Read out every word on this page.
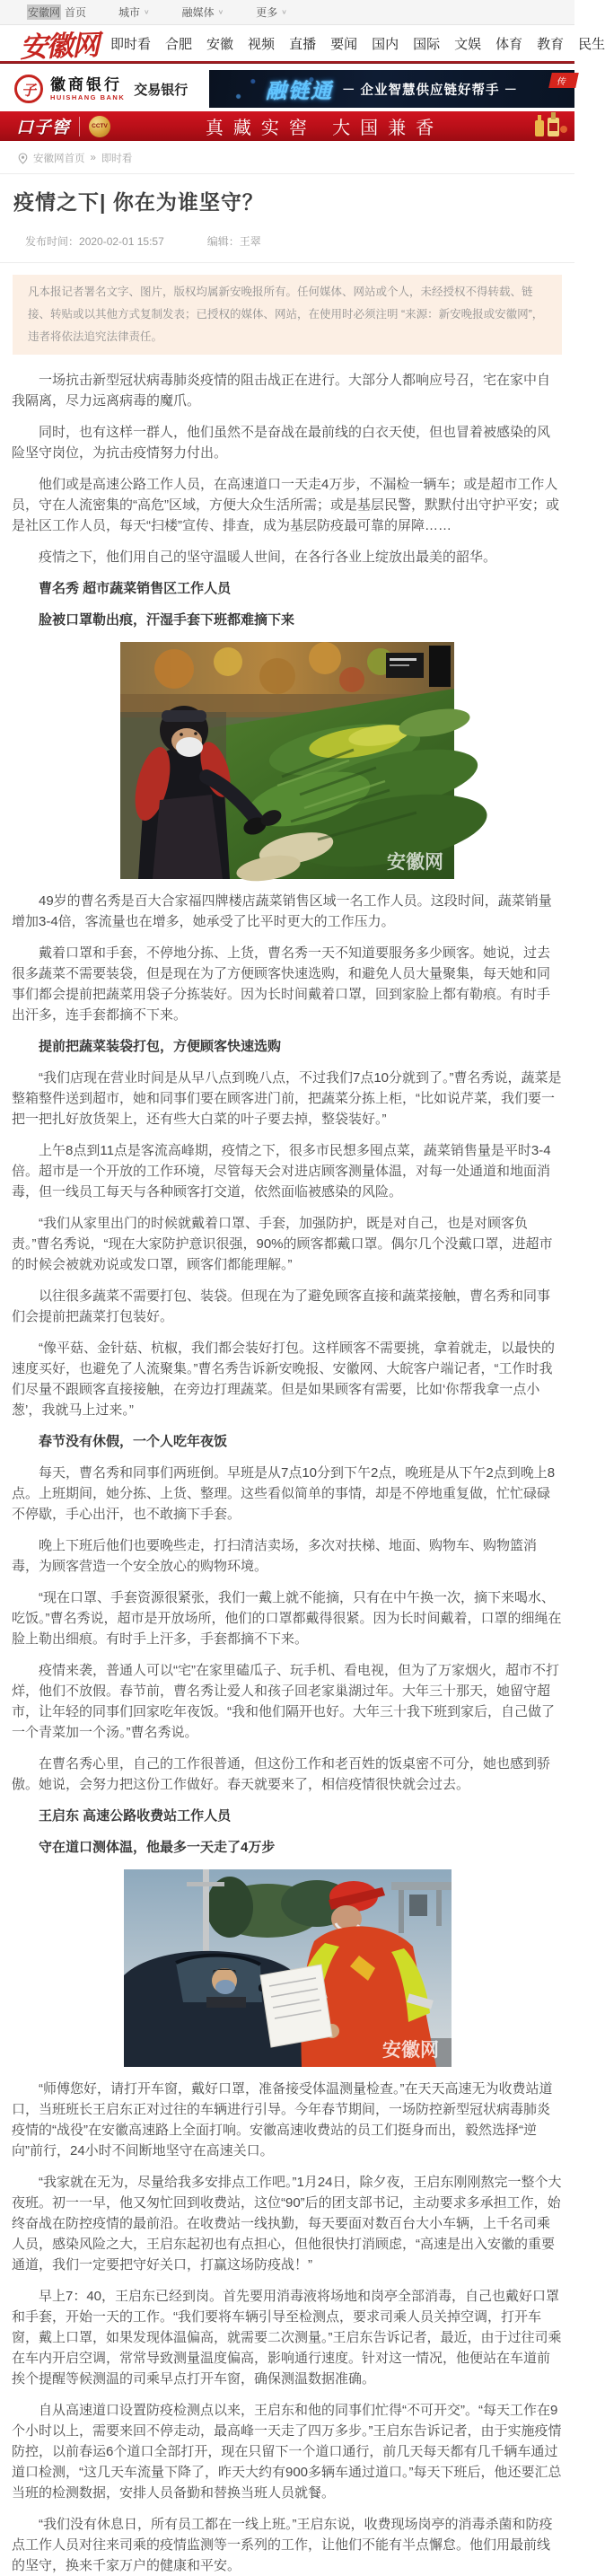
安徽网 首页	城市 ∨	融媒体 ∨	更多 ∨
安徽网 即时看 合肥 安徽 视频 直播 要闻 国内 国际 文娱 体育 教育 民生
子 徽商银行
HUISHANG BANK 交易银行	融链通 － 企业智慧供应链好帮手 －
传
口子窖	CCTV	真藏实窖 大国兼香
安徽网首页 » 即时看
疫情之下| 你在为谁坚守？
发布时间：2020-02-01 15:57	编辑：王翠
凡本报记者署名文字、图片，版权均属新安晚报所有。任何媒体、网站或个人，未经授权不得转载、链接、转贴或以其他方式复制发表；已授权的媒体、网站，在使用时必须注明 “来源：新安晚报或安徽网”，违者将依法追究法律责任。

一场抗击新型冠状病毒肺炎疫情的阻击战正在进行。大部分人都响应号召，宅在家中自我隔离，尽力远离病毒的魔爪。

同时，也有这样一群人，他们虽然不是奋战在最前线的白衣天使，但也冒着被感染的风险坚守岗位，为抗击疫情努力付出。

他们或是高速公路工作人员，在高速道口一天走4万步，不漏检一辆车；或是超市工作人员，守在人流密集的“高危”区域，方便大众生活所需；或是基层民警，默默付出守护平安；或是社区工作人员，每天“扫楼”宣传、排查，成为基层防疫最可靠的屏障……

疫情之下，他们用自己的坚守温暖人世间，在各行各业上绽放出最美的韶华。

曹名秀 超市蔬菜销售区工作人员

脸被口罩勒出痕，汗湿手套下班都难摘下来

安徽网

49岁的曹名秀是百大合家福四牌楼店蔬菜销售区域一名工作人员。这段时间，蔬菜销量增加3-4倍，客流量也在增多，她承受了比平时更大的工作压力。

戴着口罩和手套，不停地分拣、上货，曹名秀一天不知道要服务多少顾客。她说，过去很多蔬菜不需要装袋，但是现在为了方便顾客快速选购，和避免人员大量聚集，每天她和同事们都会提前把蔬菜用袋子分拣装好。因为长时间戴着口罩，回到家脸上都有勒痕。有时手出汗多，连手套都摘不下来。

提前把蔬菜装袋打包，方便顾客快速选购

“我们店现在营业时间是从早八点到晚八点，不过我们7点10分就到了。”曹名秀说，蔬菜是整箱整件送到超市，她和同事们要在顾客进门前，把蔬菜分拣上柜，“比如说芹菜，我们要一把一把扎好放货架上，还有些大白菜的叶子要去掉，整袋装好。”

上午8点到11点是客流高峰期，疫情之下，很多市民想多囤点菜，蔬菜销售量是平时3-4倍。超市是一个开放的工作环境，尽管每天会对进店顾客测量体温，对每一处通道和地面消毒，但一线员工每天与各种顾客打交道，依然面临被感染的风险。

“我们从家里出门的时候就戴着口罩、手套，加强防护，既是对自己，也是对顾客负责。”曹名秀说，“现在大家防护意识很强，90%的顾客都戴口罩。偶尔几个没戴口罩，进超市的时候会被就劝说或发口罩，顾客们都能理解。”

以往很多蔬菜不需要打包、装袋。但现在为了避免顾客直接和蔬菜接触，曹名秀和同事们会提前把蔬菜打包装好。

“像平菇、金针菇、杭椒，我们都会装好打包。这样顾客不需要挑，拿着就走，以最快的速度买好，也避免了人流聚集。”曹名秀告诉新安晚报、安徽网、大皖客户端记者，“工作时我们尽量不跟顾客直接接触，在旁边打理蔬菜。但是如果顾客有需要，比如‘你帮我拿一点小葱’，我就马上过来。”

春节没有休假，一个人吃年夜饭

每天，曹名秀和同事们两班倒。早班是从7点10分到下午2点，晚班是从下午2点到晚上8点。上班期间，她分拣、上货、整理。这些看似简单的事情，却是不停地重复做，忙忙碌碌不停歇，手心出汗，也不敢摘下手套。

晚上下班后他们也要晚些走，打扫清洁卖场，多次对扶梯、地面、购物车、购物篮消毒，为顾客营造一个安全放心的购物环境。

“现在口罩、手套资源很紧张，我们一戴上就不能摘，只有在中午换一次，摘下来喝水、吃饭。”曹名秀说，超市是开放场所，他们的口罩都戴得很紧。因为长时间戴着，口罩的细绳在脸上勒出细痕。有时手上汗多，手套都摘不下来。

疫情来袭，普通人可以“宅”在家里磕瓜子、玩手机、看电视，但为了万家烟火，超市不打烊，他们不放假。春节前，曹名秀让爱人和孩子回老家巢湖过年。大年三十那天，她留守超市，让年轻的同事们回家吃年夜饭。“我和他们隔开也好。大年三十我下班到家后，自己做了一个青菜加一个汤。”曹名秀说。

在曹名秀心里，自己的工作很普通，但这份工作和老百姓的饭桌密不可分，她也感到骄傲。她说，会努力把这份工作做好。春天就要来了，相信疫情很快就会过去。

王启东 高速公路收费站工作人员

守在道口测体温，他最多一天走了4万步

安徽网

“师傅您好，请打开车窗，戴好口罩，准备接受体温测量检查。”在天天高速无为收费站道口，当班班长王启东正对过往的车辆进行引导。今年春节期间，一场防控新型冠状病毒肺炎疫情的“战役”在安徽高速路上全面打响。安徽高速收费站的员工们挺身而出，毅然选择“逆向”前行，24小时不间断地坚守在高速关口。

“我家就在无为，尽量给我多安排点工作吧。”1月24日，除夕夜，王启东刚刚熬完一整个大夜班。初一一早，他又匆忙回到收费站，这位“90”后的团支部书记，主动要求多承担工作，始终奋战在防控疫情的最前沿。在收费站一线执勤，每天要面对数百台大小车辆，上千名司乘人员，感染风险之大，王启东起初也有点担心，但他很快打消顾虑，“高速是出入安徽的重要通道，我们一定要把守好关口，打赢这场防疫战！”

早上7：40，王启东已经到岗。首先要用消毒液将场地和岗亭全部消毒，自己也戴好口罩和手套，开始一天的工作。“我们要将车辆引导至检测点，要求司乘人员关掉空调，打开车窗，戴上口罩，如果发现体温偏高，就需要二次测量。”王启东告诉记者，最近，由于过往司乘在车内开启空调，常常导致测量温度偏高，影响通行速度。针对这一情况，他便站在车道前挨个提醒等候测温的司乘早点打开车窗，确保测温数据准确。

自从高速道口设置防疫检测点以来，王启东和他的同事们忙得“不可开交”。“每天工作在9个小时以上，需要来回不停走动，最高峰一天走了四万多步。”王启东告诉记者，由于实施疫情防控，以前春运6个道口全部打开，现在只留下一个道口通行，前几天每天都有几千辆车通过道口检测，“这几天车流量下降了，昨天大约有900多辆车通过道口。”每天下班后，他还要汇总当班的检测数据，安排人员备勤和替换当班人员就餐。

“我们没有休息日，所有员工都在一线上班。”王启东说，收费现场岗亭的消毒杀菌和防疫点工作人员对往来司乘的疫情监测等一系列的工作，让他们不能有半点懈怠。他们用最前线的坚守，换来千家万户的健康和平安。
